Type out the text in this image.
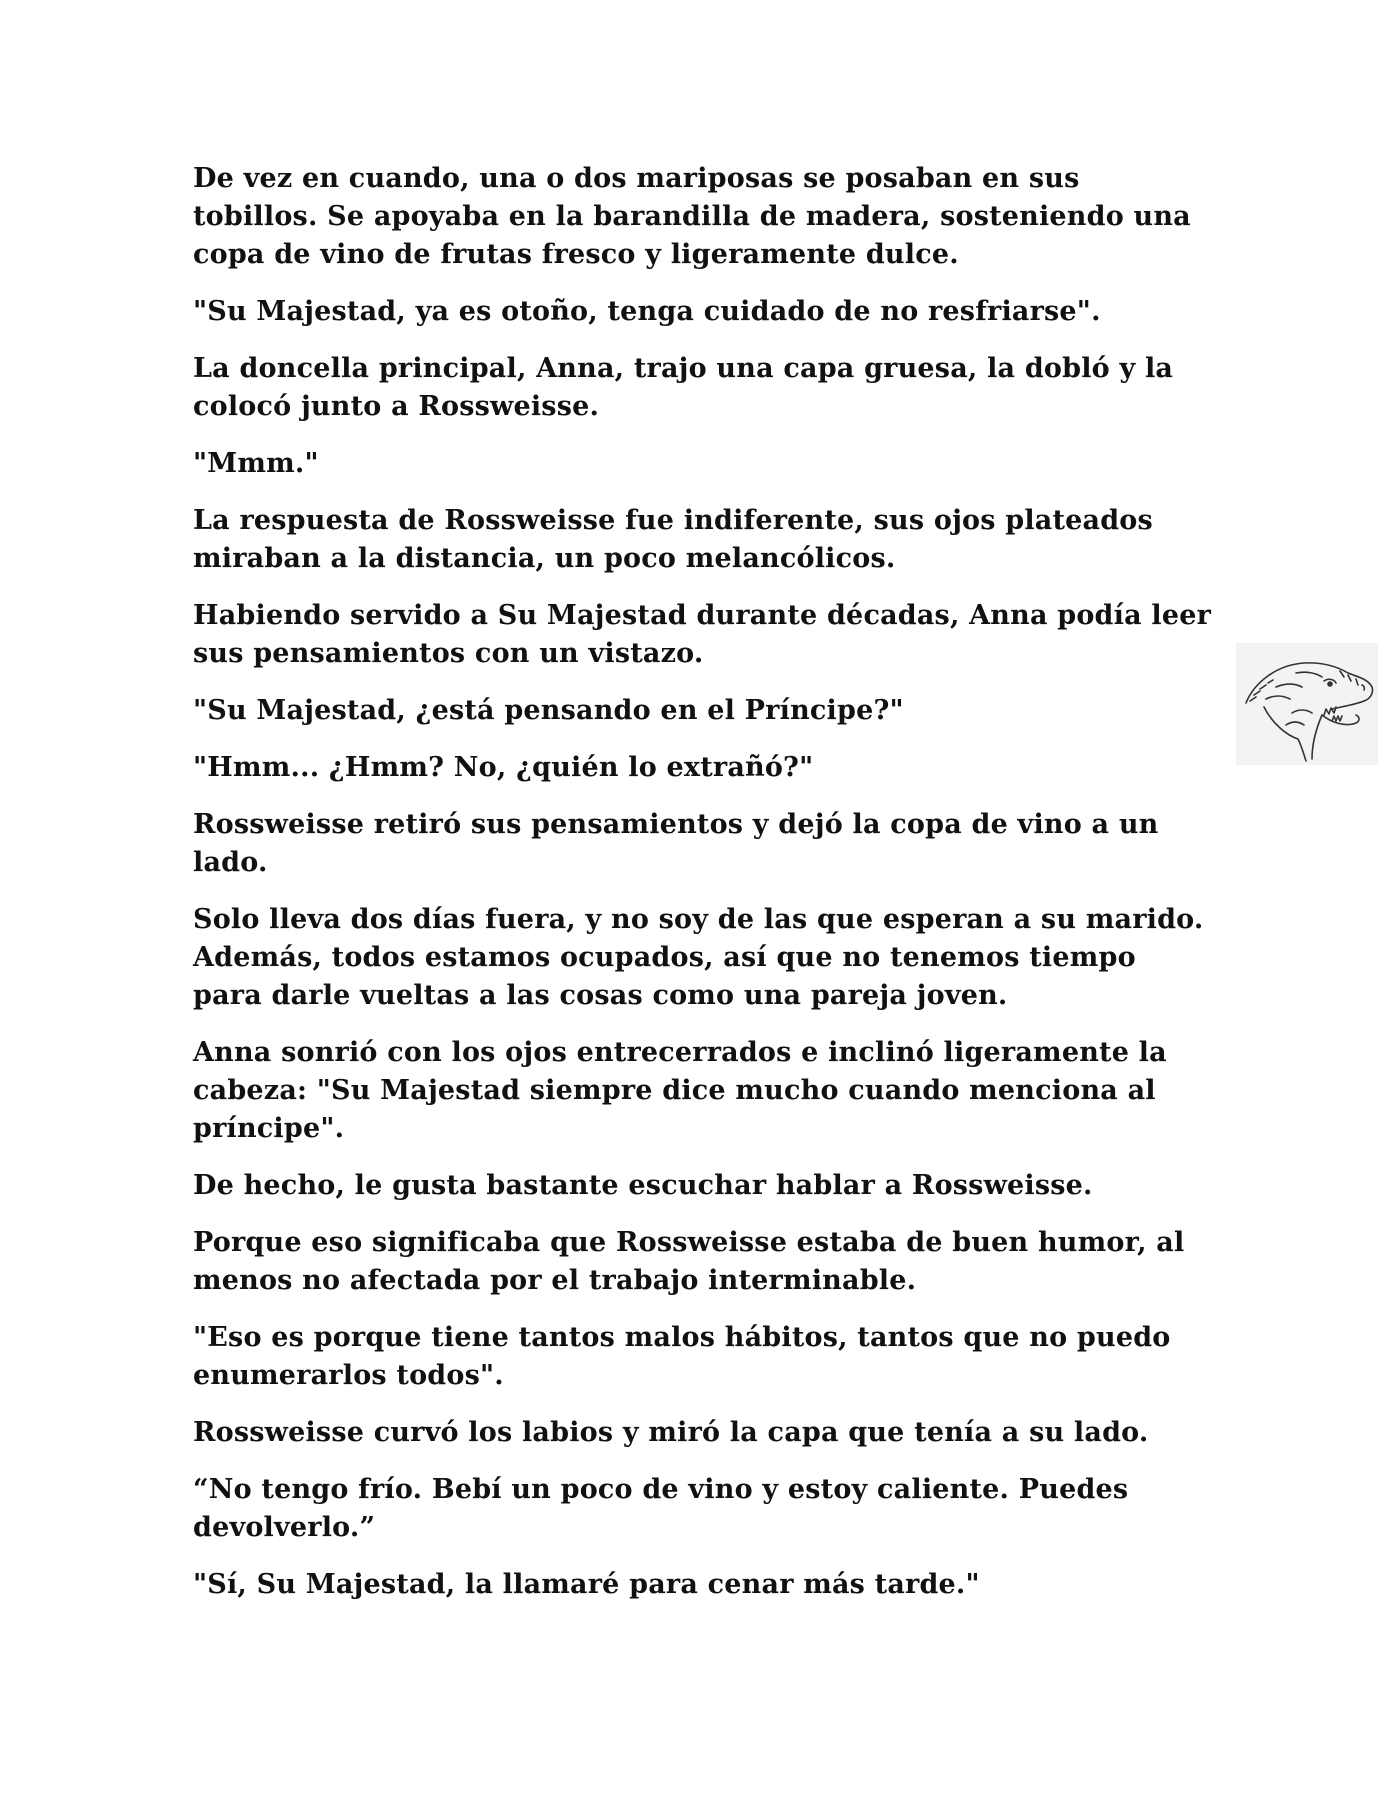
De vez en cuando, una o dos mariposas se posaban en sus tobillos. Se apoyaba en la barandilla de madera, sosteniendo una copa de vino de frutas fresco y ligeramente dulce.

"Su Majestad, ya es otoño, tenga cuidado de no resfriarse".

La doncella principal, Anna, trajo una capa gruesa, la dobló y la colocó junto a Rossweisse.

"Mmm."

La respuesta de Rossweisse fue indiferente, sus ojos plateados miraban a la distancia, un poco melancólicos.

Habiendo servido a Su Majestad durante décadas, Anna podía leer sus pensamientos con un vistazo.

"Su Majestad, ¿está pensando en el Príncipe?"

"Hmm... ¿Hmm? No, ¿quién lo extrañó?"

Rossweisse retiró sus pensamientos y dejó la copa de vino a un lado.

Solo lleva dos días fuera, y no soy de las que esperan a su marido. Además, todos estamos ocupados, así que no tenemos tiempo para darle vueltas a las cosas como una pareja joven.

Anna sonrió con los ojos entrecerrados e inclinó ligeramente la cabeza: "Su Majestad siempre dice mucho cuando menciona al príncipe".

De hecho, le gusta bastante escuchar hablar a Rossweisse.

Porque eso significaba que Rossweisse estaba de buen humor, al menos no afectada por el trabajo interminable.

"Eso es porque tiene tantos malos hábitos, tantos que no puedo enumerarlos todos".

Rossweisse curvó los labios y miró la capa que tenía a su lado.

“No tengo frío. Bebí un poco de vino y estoy caliente. Puedes devolverlo.”

"Sí, Su Majestad, la llamaré para cenar más tarde."
